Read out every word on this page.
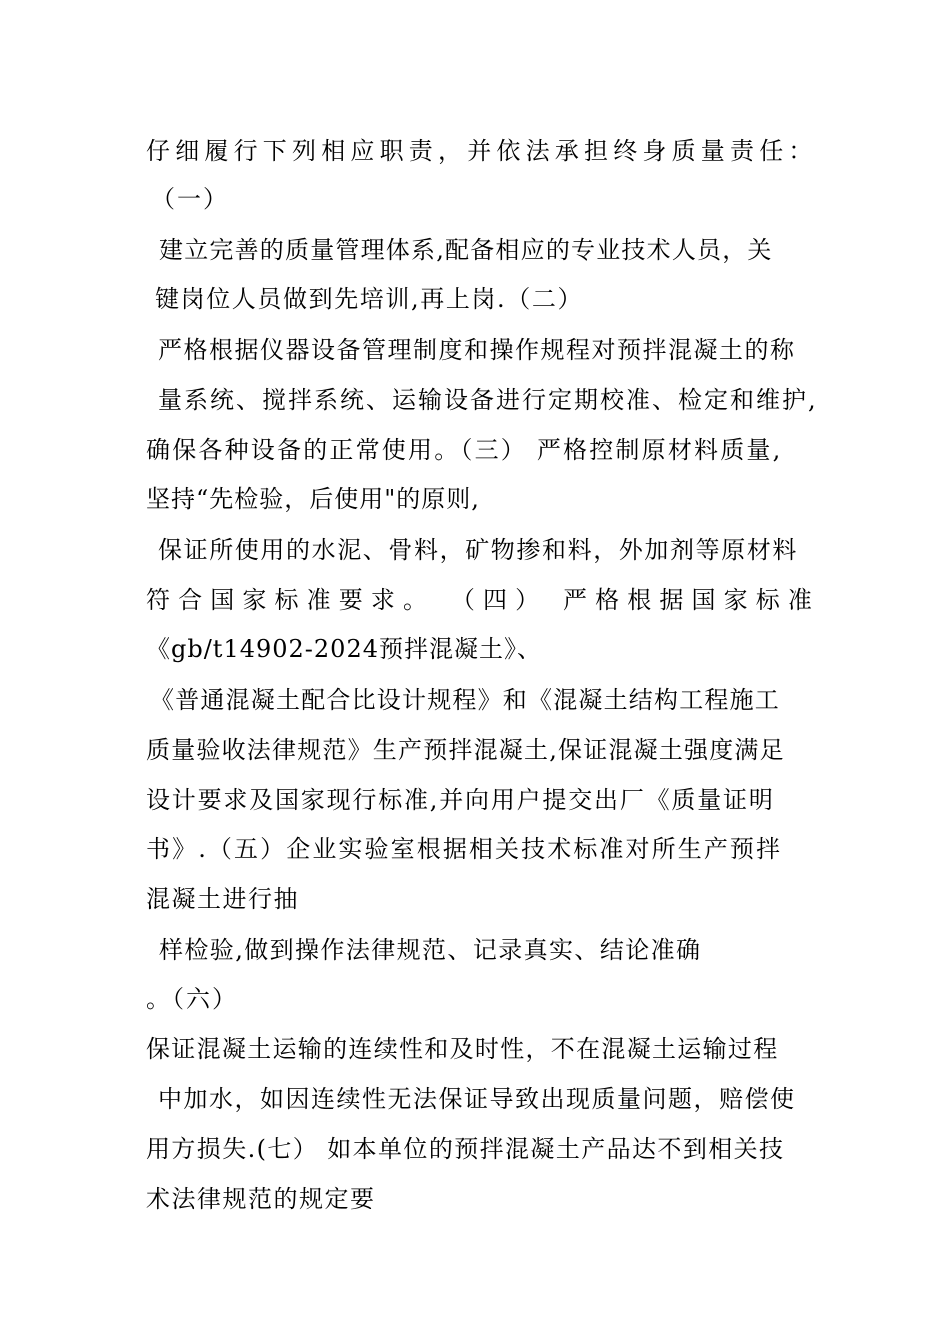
仔细履行下列相应职责，并依法承担终身质量责任：
（一）
建立完善的质量管理体系,配备相应的专业技术人员，关
键岗位人员做到先培训,再上岗.（二）
严格根据仪器设备管理制度和操作规程对预拌混凝土的称
量系统、搅拌系统、运输设备进行定期校准、检定和维护,
确保各种设备的正常使用。（三） 严格控制原材料质量,
坚持“先检验，后使用"的原则,
保证所使用的水泥、骨料，矿物掺和料，外加剂等原材料
符合国家标准要求。 （四） 严格根据国家标准
《gb/t14902-2024预拌混凝土》、
《普通混凝土配合比设计规程》和《混凝土结构工程施工
质量验收法律规范》生产预拌混凝土,保证混凝土强度满足
设计要求及国家现行标准,并向用户提交出厂《质量证明
书》.（五）企业实验室根据相关技术标准对所生产预拌
混凝土进行抽
样检验,做到操作法律规范、记录真实、结论准确
。（六）
保证混凝土运输的连续性和及时性，不在混凝土运输过程
中加水，如因连续性无法保证导致出现质量问题，赔偿使
用方损失.(七） 如本单位的预拌混凝土产品达不到相关技
术法律规范的规定要
